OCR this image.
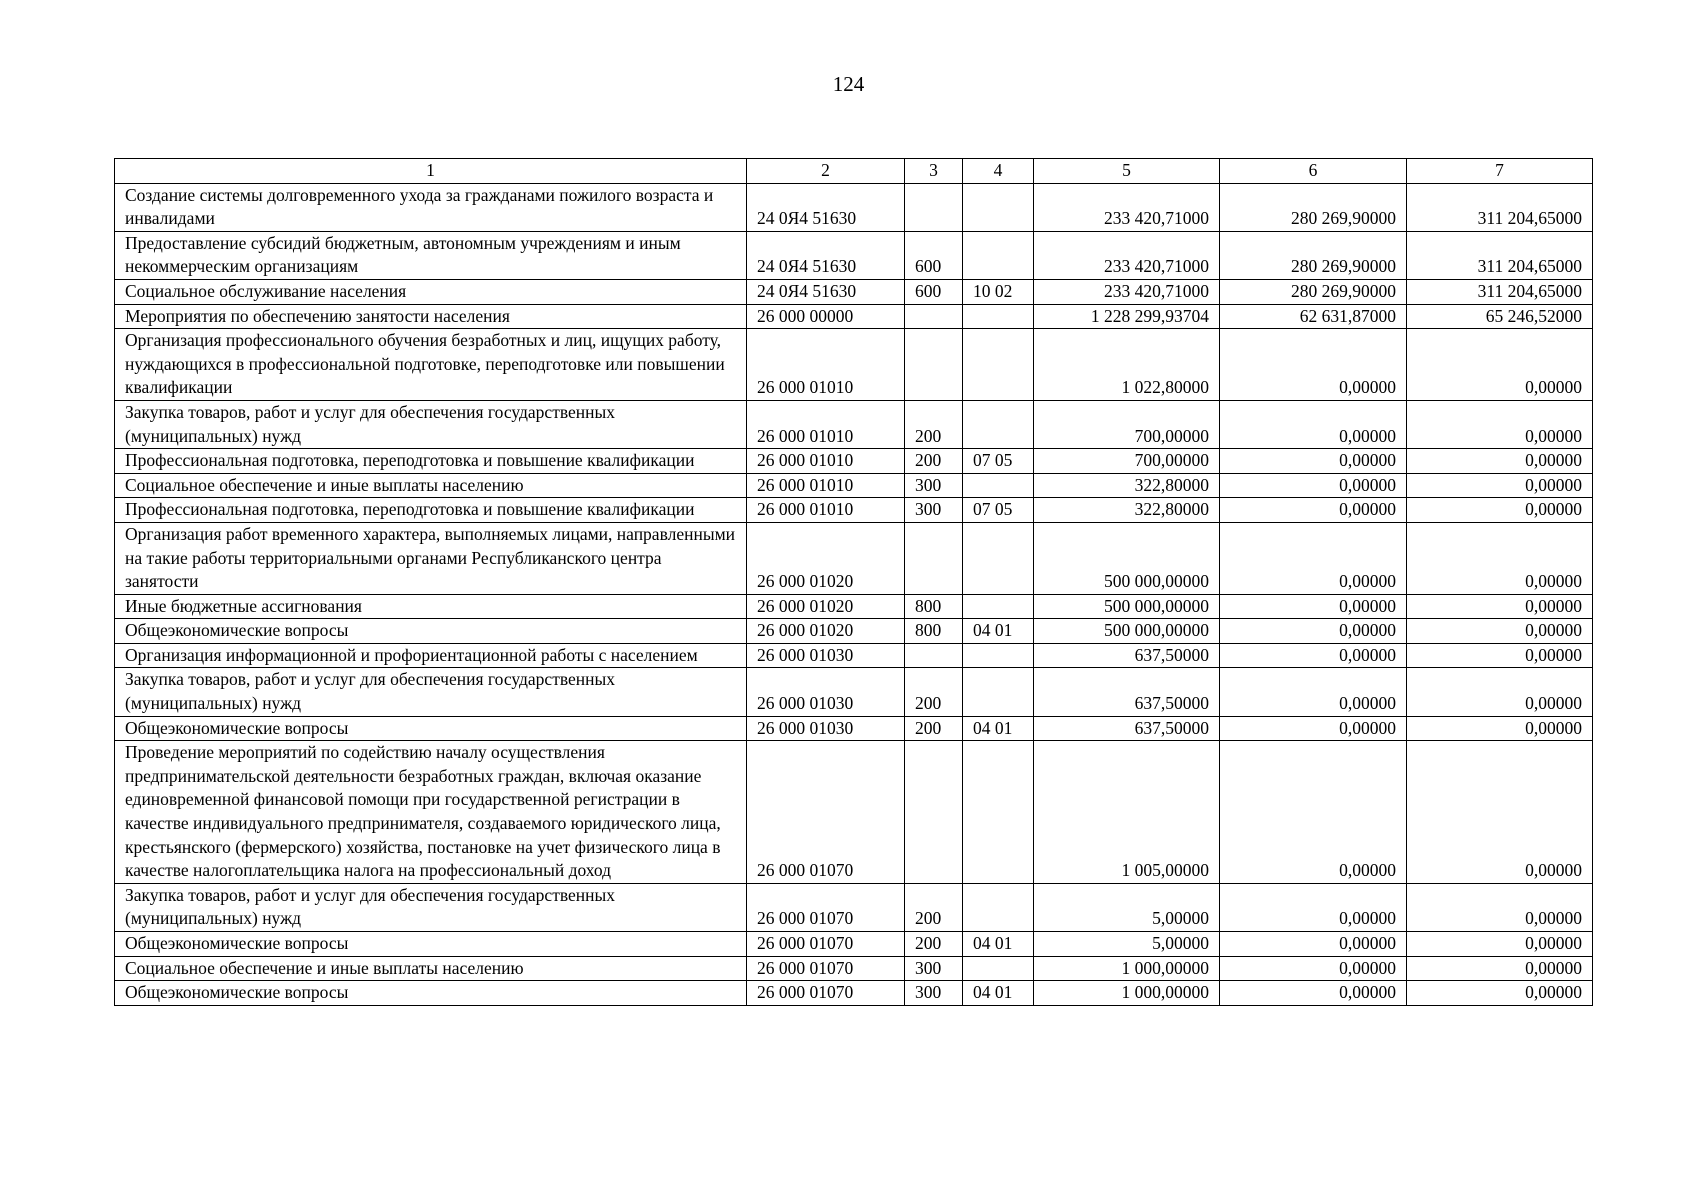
124
1	2	3	4	5	6	7
Создание системы долговременного ухода за гражданами пожилого возраста и инвалидами	24 0Я4 51630			233 420,71000	280 269,90000	311 204,65000
Предоставление субсидий бюджетным, автономным учреждениям и иным некоммерческим организациям	24 0Я4 51630	600		233 420,71000	280 269,90000	311 204,65000
Социальное обслуживание населения	24 0Я4 51630	600	10 02	233 420,71000	280 269,90000	311 204,65000
Мероприятия по обеспечению занятости населения	26 000 00000			1 228 299,93704	62 631,87000	65 246,52000
Организация профессионального обучения безработных и лиц, ищущих работу, нуждающихся в профессиональной подготовке, переподготовке или повышении квалификации	26 000 01010			1 022,80000	0,00000	0,00000
Закупка товаров, работ и услуг для обеспечения государственных (муниципальных) нужд	26 000 01010	200		700,00000	0,00000	0,00000
Профессиональная подготовка, переподготовка и повышение квалификации	26 000 01010	200	07 05	700,00000	0,00000	0,00000
Социальное обеспечение и иные выплаты населению	26 000 01010	300		322,80000	0,00000	0,00000
Профессиональная подготовка, переподготовка и повышение квалификации	26 000 01010	300	07 05	322,80000	0,00000	0,00000
Организация работ временного характера, выполняемых лицами, направленными на такие работы территориальными органами Республиканского центра занятости	26 000 01020			500 000,00000	0,00000	0,00000
Иные бюджетные ассигнования	26 000 01020	800		500 000,00000	0,00000	0,00000
Общеэкономические вопросы	26 000 01020	800	04 01	500 000,00000	0,00000	0,00000
Организация информационной и профориентационной работы с населением	26 000 01030			637,50000	0,00000	0,00000
Закупка товаров, работ и услуг для обеспечения государственных (муниципальных) нужд	26 000 01030	200		637,50000	0,00000	0,00000
Общеэкономические вопросы	26 000 01030	200	04 01	637,50000	0,00000	0,00000
Проведение мероприятий по содействию началу осуществления предпринимательской деятельности безработных граждан, включая оказание единовременной финансовой помощи при государственной регистрации в качестве индивидуального предпринимателя, создаваемого юридического лица, крестьянского (фермерского) хозяйства, постановке на учет физического лица в качестве налогоплательщика налога на профессиональный доход	26 000 01070			1 005,00000	0,00000	0,00000
Закупка товаров, работ и услуг для обеспечения государственных (муниципальных) нужд	26 000 01070	200		5,00000	0,00000	0,00000
Общеэкономические вопросы	26 000 01070	200	04 01	5,00000	0,00000	0,00000
Социальное обеспечение и иные выплаты населению	26 000 01070	300		1 000,00000	0,00000	0,00000
Общеэкономические вопросы	26 000 01070	300	04 01	1 000,00000	0,00000	0,00000
